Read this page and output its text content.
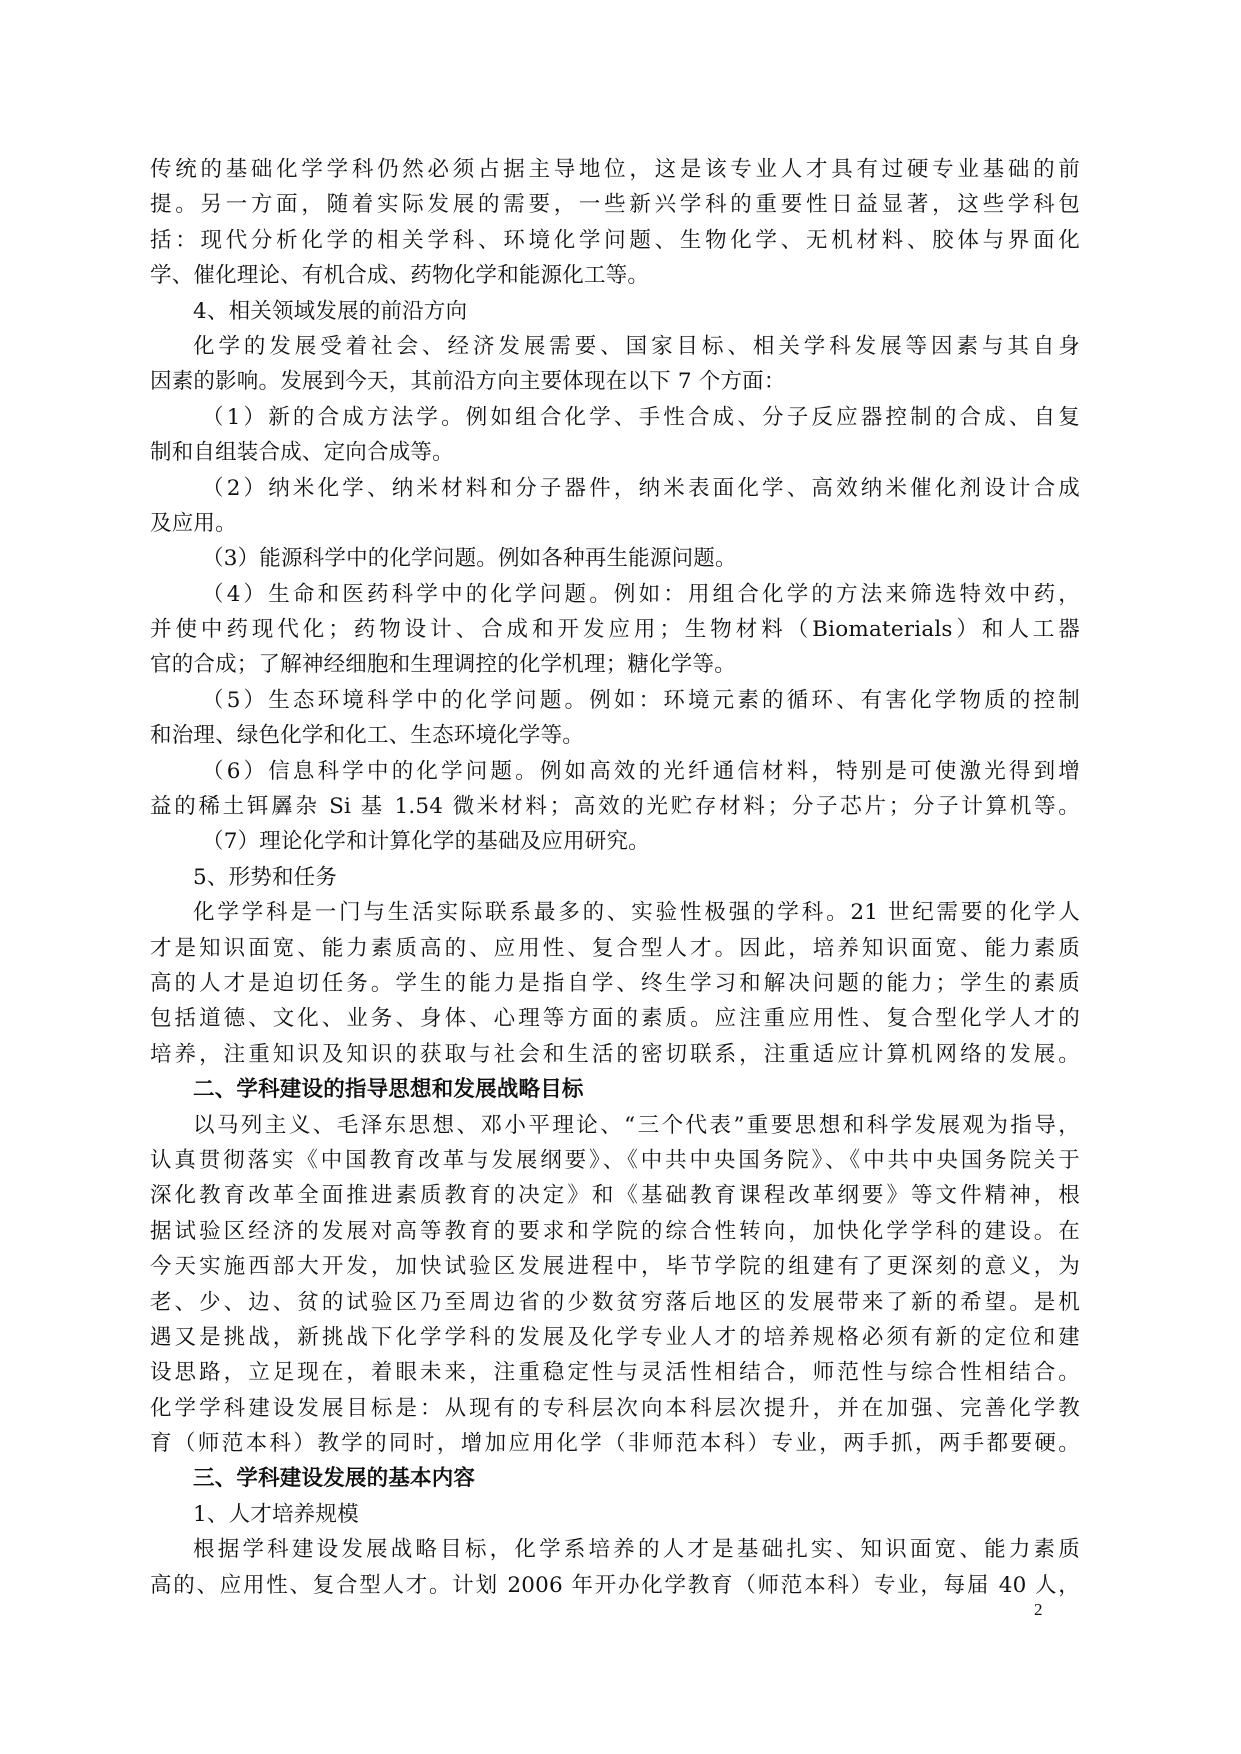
传统的基础化学学科仍然必须占据主导地位，这是该专业人才具有过硬专业基础的前
提。另一方面，随着实际发展的需要，一些新兴学科的重要性日益显著，这些学科包
括：现代分析化学的相关学科、环境化学问题、生物化学、无机材料、胶体与界面化
学、催化理论、有机合成、药物化学和能源化工等。
4、相关领域发展的前沿方向
化学的发展受着社会、经济发展需要、国家目标、相关学科发展等因素与其自身
因素的影响。发展到今天，其前沿方向主要体现在以下 7 个方面：
（1）新的合成方法学。例如组合化学、手性合成、分子反应器控制的合成、自复
制和自组装合成、定向合成等。
（2）纳米化学、纳米材料和分子器件，纳米表面化学、高效纳米催化剂设计合成
及应用。
（3）能源科学中的化学问题。例如各种再生能源问题。
（4）生命和医药科学中的化学问题。例如：用组合化学的方法来筛选特效中药，
并使中药现代化；药物设计、合成和开发应用；生物材料（Biomaterials）和人工器
官的合成；了解神经细胞和生理调控的化学机理；糖化学等。
（5）生态环境科学中的化学问题。例如：环境元素的循环、有害化学物质的控制
和治理、绿色化学和化工、生态环境化学等。
（6）信息科学中的化学问题。例如高效的光纤通信材料，特别是可使激光得到增
益的稀土铒羼杂 Si 基 1.54 微米材料；高效的光贮存材料；分子芯片；分子计算机等。
（7）理论化学和计算化学的基础及应用研究。
5、形势和任务
化学学科是一门与生活实际联系最多的、实验性极强的学科。21 世纪需要的化学人
才是知识面宽、能力素质高的、应用性、复合型人才。因此，培养知识面宽、能力素质
高的人才是迫切任务。学生的能力是指自学、终生学习和解决问题的能力；学生的素质
包括道德、文化、业务、身体、心理等方面的素质。应注重应用性、复合型化学人才的
培养，注重知识及知识的获取与社会和生活的密切联系，注重适应计算机网络的发展。
二、学科建设的指导思想和发展战略目标
以马列主义、毛泽东思想、邓小平理论、“三个代表”重要思想和科学发展观为指导，
认真贯彻落实《中国教育改革与发展纲要》、《中共中央国务院》、《中共中央国务院关于
深化教育改革全面推进素质教育的决定》和《基础教育课程改革纲要》等文件精神，根
据试验区经济的发展对高等教育的要求和学院的综合性转向，加快化学学科的建设。在
今天实施西部大开发，加快试验区发展进程中，毕节学院的组建有了更深刻的意义，为
老、少、边、贫的试验区乃至周边省的少数贫穷落后地区的发展带来了新的希望。是机
遇又是挑战，新挑战下化学学科的发展及化学专业人才的培养规格必须有新的定位和建
设思路，立足现在，着眼未来，注重稳定性与灵活性相结合，师范性与综合性相结合。
化学学科建设发展目标是：从现有的专科层次向本科层次提升，并在加强、完善化学教
育（师范本科）教学的同时，增加应用化学（非师范本科）专业，两手抓，两手都要硬。
三、学科建设发展的基本内容
1、人才培养规模
根据学科建设发展战略目标，化学系培养的人才是基础扎实、知识面宽、能力素质
高的、应用性、复合型人才。计划 2006 年开办化学教育（师范本科）专业，每届 40 人，
2
